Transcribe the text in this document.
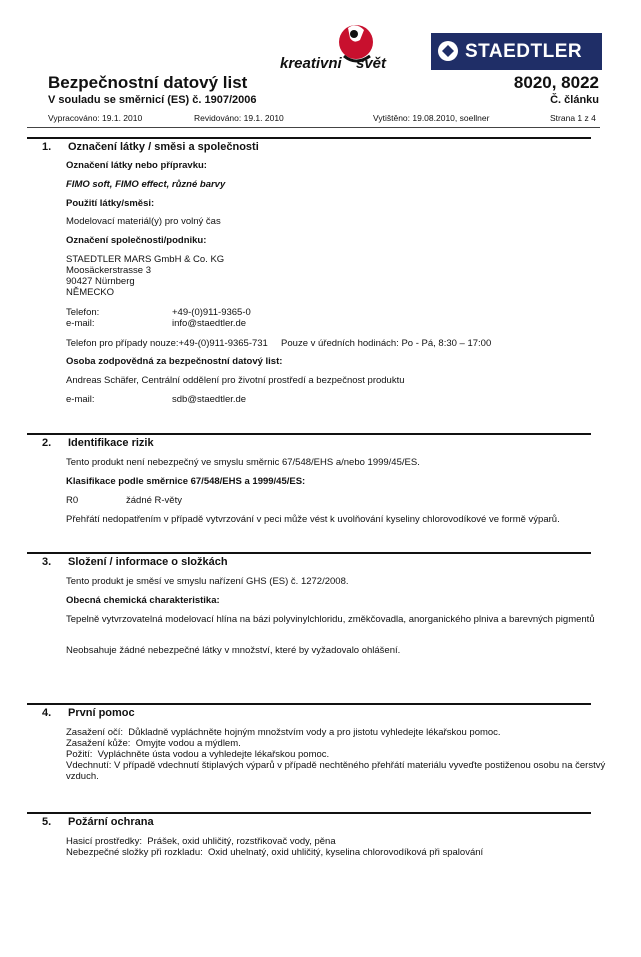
kreativni svět
STAEDTLER
Bezpečnostní datový list
V souladu se směrnicí (ES) č. 1907/2006
8020, 8022
Č. článku
Vypracováno: 19.1. 2010	Revidováno: 19.1. 2010	Vytištěno: 19.08.2010, soellner	Strana 1 z 4
1. Označení látky / směsi a společnosti
Označení látky nebo přípravku:
FIMO soft, FIMO effect, různé barvy
Použití látky/směsi:
Modelovací materiál(y) pro volný čas
Označení společnosti/podniku:
STAEDTLER MARS GmbH & Co. KG
Moosäckerstrasse 3
90427 Nürnberg
NĚMECKO
Telefon:	+49-(0)911-9365-0
e-mail:	info@staedtler.de
Telefon pro případy nouze:+49-(0)911-9365-731     Pouze v úředních hodinách: Po - Pá, 8:30 – 17:00
Osoba zodpovědná za bezpečnostní datový list:
Andreas Schäfer, Centrální oddělení pro životní prostředí a bezpečnost produktu
e-mail:	sdb@staedtler.de
2. Identifikace rizik
Tento produkt není nebezpečný ve smyslu směrnic 67/548/EHS a/nebo 1999/45/ES.
Klasifikace podle směrnice 67/548/EHS a 1999/45/ES:
R0	žádné R-věty
Přehřátí nedopatřením v případě vytvrzování v peci může vést k uvolňování kyseliny chlorovodíkové ve formě výparů.
3. Složení / informace o složkách
Tento produkt je směsí ve smyslu nařízení GHS (ES) č. 1272/2008.
Obecná chemická charakteristika:
Tepelně vytvrzovatelná modelovací hlína na bázi polyvinylchloridu, změkčovadla, anorganického plniva a barevných pigmentů
Neobsahuje žádné nebezpečné látky v množství, které by vyžadovalo ohlášení.
4. První pomoc
Zasažení očí:  Důkladně vypláchněte hojným množstvím vody a pro jistotu vyhledejte lékařskou pomoc.
Zasažení kůže:  Omyjte vodou a mýdlem.
Požití:  Vypláchněte ústa vodou a vyhledejte lékařskou pomoc.
Vdechnutí: V případě vdechnutí štiplavých výparů v případě nechtěného přehřátí materiálu vyveďte postiženou osobu na čerstvý vzduch.
5. Požární ochrana
Hasicí prostředky:  Prášek, oxid uhličitý, rozstřikovač vody, pěna
Nebezpečné složky při rozkladu:  Oxid uhelnatý, oxid uhličitý, kyselina chlorovodíková při spalování
